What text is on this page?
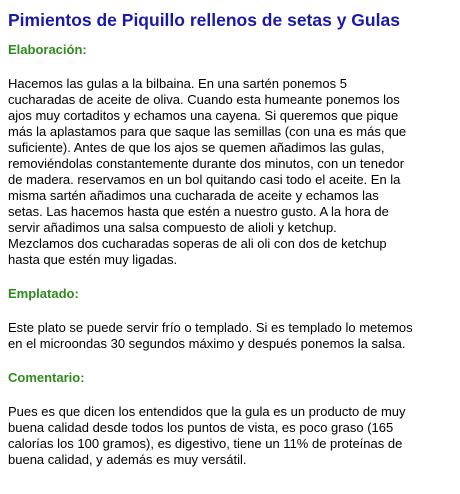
Pimientos de Piquillo rellenos de setas y Gulas
Elaboración:
Hacemos las gulas a la bilbaina. En una sartén ponemos 5
cucharadas de aceite de oliva. Cuando esta humeante ponemos los
ajos muy cortaditos y echamos una cayena. Si queremos que pique
más la aplastamos para que saque las semillas (con una es más que
suficiente). Antes de que los ajos se quemen añadimos las gulas,
removiéndolas constantemente durante dos minutos, con un tenedor
de madera. reservamos en un bol quitando casi todo el aceite. En la
misma sartén añadimos una cucharada de aceite y echamos las
setas. Las hacemos hasta que estén a nuestro gusto. A la hora de
servir añadimos una salsa compuesto de alioli y ketchup.
Mezclamos dos cucharadas soperas de ali oli con dos de ketchup
hasta que estén muy ligadas.
Emplatado:
Este plato se puede servir frío o templado. Si es templado lo metemos
en el microondas 30 segundos máximo y después ponemos la salsa.
Comentario:
Pues es que dicen los entendidos que la gula es un producto de muy
buena calidad desde todos los puntos de vista, es poco graso (165
calorías los 100 gramos), es digestivo, tiene un 11% de proteínas de
buena calidad, y además es muy versátil.
